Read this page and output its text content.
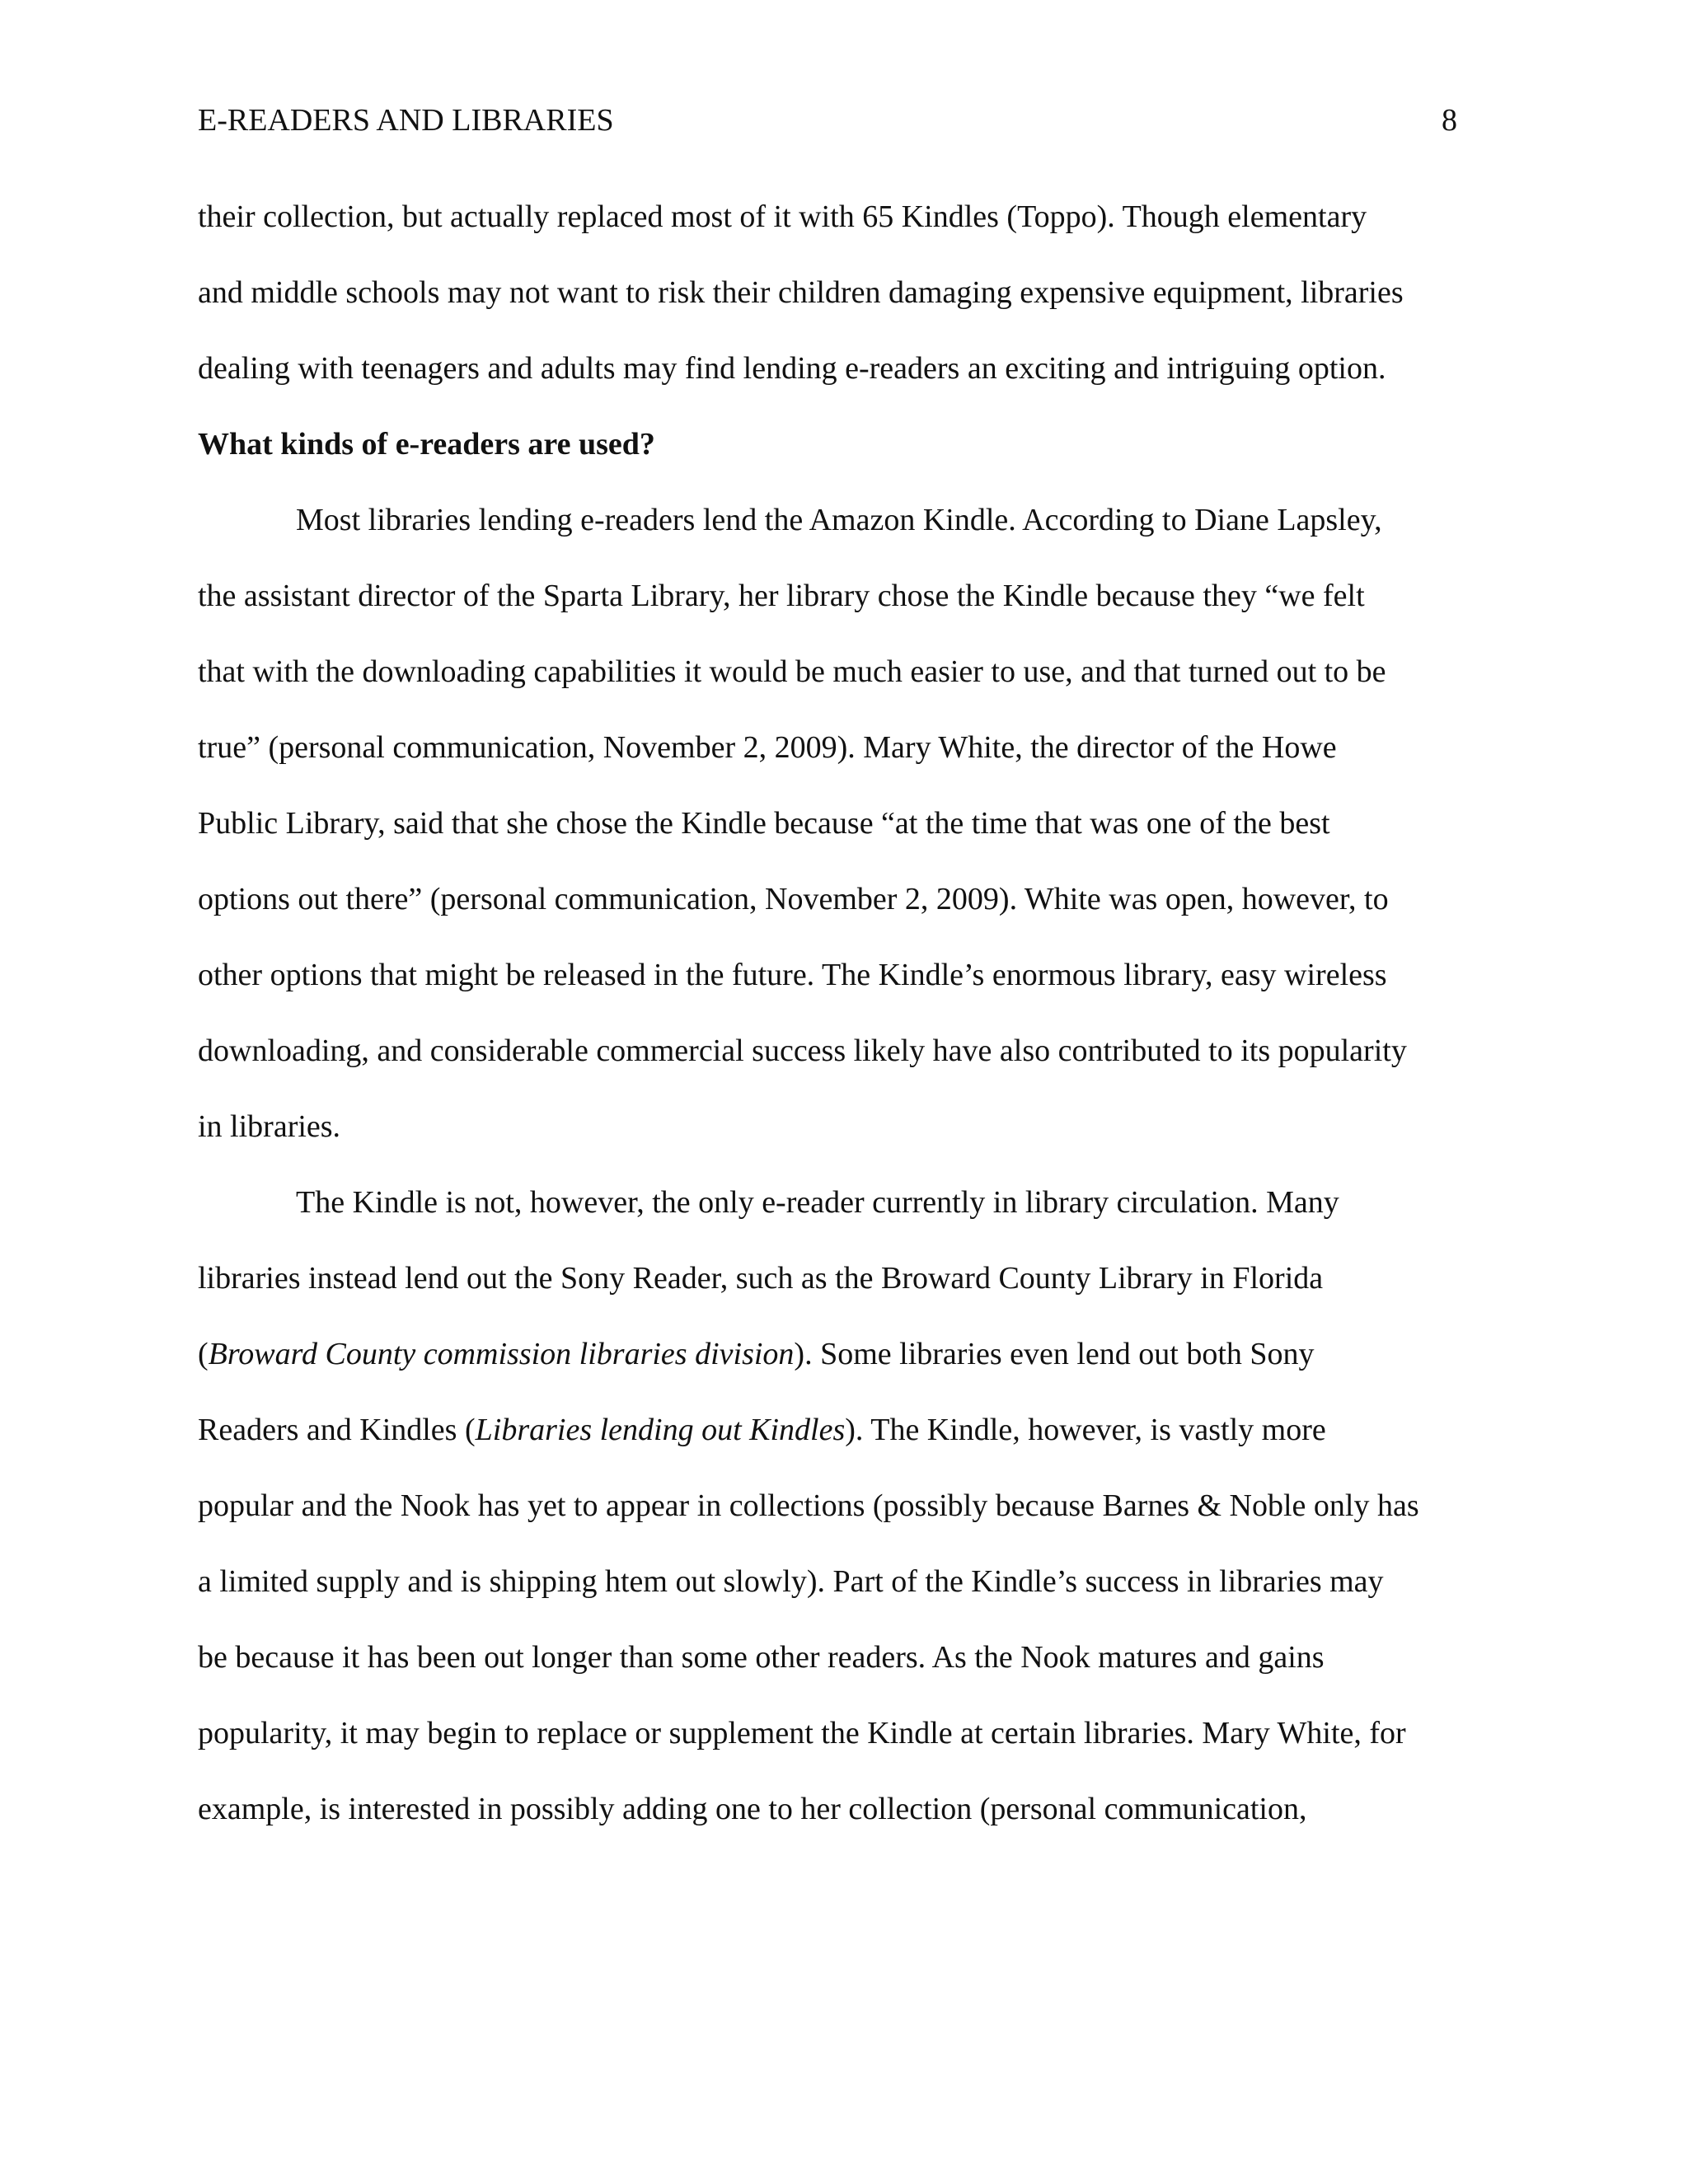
E-READERS AND LIBRARIES	8
their collection, but actually replaced most of it with 65 Kindles (Toppo). Though elementary
and middle schools may not want to risk their children damaging expensive equipment, libraries
dealing with teenagers and adults may find lending e-readers an exciting and intriguing option.
What kinds of e-readers are used?
Most libraries lending e-readers lend the Amazon Kindle. According to Diane Lapsley,
the assistant director of the Sparta Library, her library chose the Kindle because they “we felt
that with the downloading capabilities it would be much easier to use, and that turned out to be
true” (personal communication, November 2, 2009). Mary White, the director of the Howe
Public Library, said that she chose the Kindle because “at the time that was one of the best
options out there” (personal communication, November 2, 2009). White was open, however, to
other options that might be released in the future. The Kindle’s enormous library, easy wireless
downloading, and considerable commercial success likely have also contributed to its popularity
in libraries.
The Kindle is not, however, the only e-reader currently in library circulation. Many
libraries instead lend out the Sony Reader, such as the Broward County Library in Florida
(Broward County commission libraries division). Some libraries even lend out both Sony
Readers and Kindles (Libraries lending out Kindles). The Kindle, however, is vastly more
popular and the Nook has yet to appear in collections (possibly because Barnes & Noble only has
a limited supply and is shipping htem out slowly). Part of the Kindle’s success in libraries may
be because it has been out longer than some other readers. As the Nook matures and gains
popularity, it may begin to replace or supplement the Kindle at certain libraries. Mary White, for
example, is interested in possibly adding one to her collection (personal communication,
